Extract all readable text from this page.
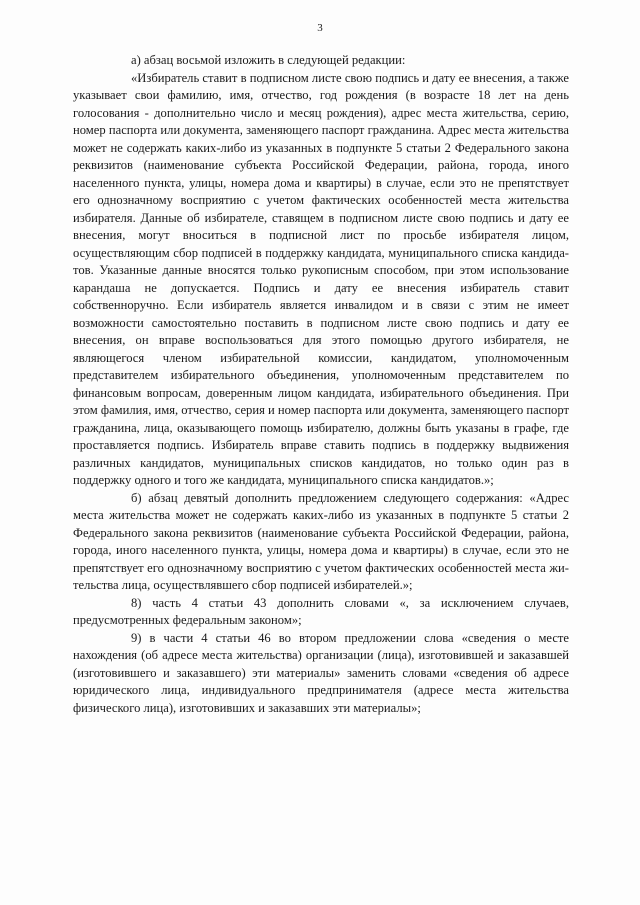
3

а) абзац восьмой изложить в следующей редакции:

«Избиратель ставит в подписном листе свою подпись и дату ее внесения, а также указывает свои фамилию, имя, отчество, год рождения (в возрасте 18 лет на день голосования - дополнительно число и месяц рождения), адрес места жительства, серию, номер паспорта или документа, заменяющего паспорт гражданина. Адрес места жительства может не содержать каких-либо из указанных в подпункте 5 статьи 2 Федерального закона реквизитов (наименование субъекта Российской Федерации, района, города, иного населенного пункта, улицы, номера дома и квартиры) в случае, если это не препятствует его однозначному восприятию с учетом фактических особенностей места жительства избирателя. Данные об избирателе, ставящем в подписном листе свою подпись и дату ее внесения, могут вноситься в подписной лист по просьбе избирателя лицом, осуществляющим сбор подписей в поддержку кандидата, муниципального списка кандидатов. Указанные данные вносятся только рукописным способом, при этом использование карандаша не допускается. Подпись и дату ее внесения избиратель ставит собственноручно. Если избиратель является инвалидом и в связи с этим не имеет возможности самостоятельно поставить в подписном листе свою подпись и дату ее внесения, он вправе воспользоваться для этого помощью другого избирателя, не являющегося членом избирательной комиссии, кандидатом, уполномоченным представителем избирательного объединения, уполномоченным представителем по финансовым вопросам, доверенным лицом кандидата, избирательного объединения. При этом фамилия, имя, отчество, серия и номер паспорта или документа, заменяющего паспорт гражданина, лица, оказывающего помощь избирателю, должны быть указаны в графе, где проставляется подпись. Избиратель вправе ставить подпись в поддержку выдвижения различных кандидатов, муниципальных списков кандидатов, но только один раз в поддержку одного и того же кандидата, муниципального списка кандидатов.»;

б) абзац девятый дополнить предложением следующего содержания: «Адрес места жительства может не содержать каких-либо из указанных в подпункте 5 статьи 2 Федерального закона реквизитов (наименование субъекта Российской Федерации, района, города, иного населенного пункта, улицы, номера дома и квартиры) в случае, если это не препятствует его однозначному восприятию с учетом фактических особенностей места жительства лица, осуществлявшего сбор подписей избирателей.»;

8) часть 4 статьи 43 дополнить словами «, за исключением случаев, предусмотренных федеральным законом»;

9) в части 4 статьи 46 во втором предложении слова «сведения о месте нахождения (об адресе места жительства) организации (лица), изготовившей и заказавшей (изготовившего и заказавшего) эти материалы» заменить словами «сведения об адресе юридического лица, индивидуального предпринимателя (адресе места жительства физического лица), изготовивших и заказавших эти материалы»;
